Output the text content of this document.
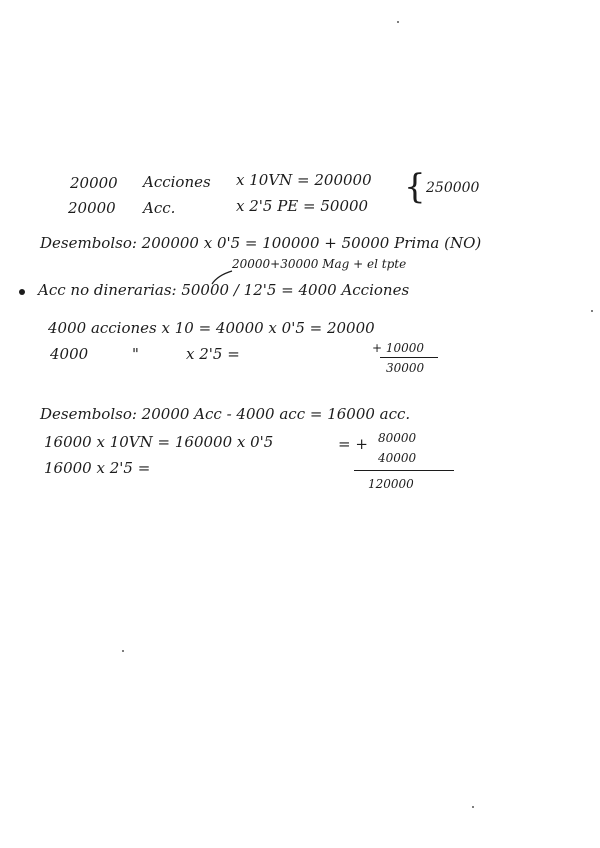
20000 Acciones x 10VN = 200000
20000 Acc.	x 2'5 PE = 50000 { 250000
Desembolso: 200000 x 0'5 = 100000 + 50000 Prima (NO)
20000+30000 Mag + el tpte
Acc no dinerarias: 50000 / 12'5 = 4000 Acciones
4000 acciones x 10 = 40000 x 0'5 = 20000
+ 10000
30000
4000	"	x 2'5 =
Desembolso: 20000 Acc - 4000 acc = 16000 acc.
16000 x 10VN = 160000 x 0'5	= + 80000
40000
120000
16000 x 2'5 =
